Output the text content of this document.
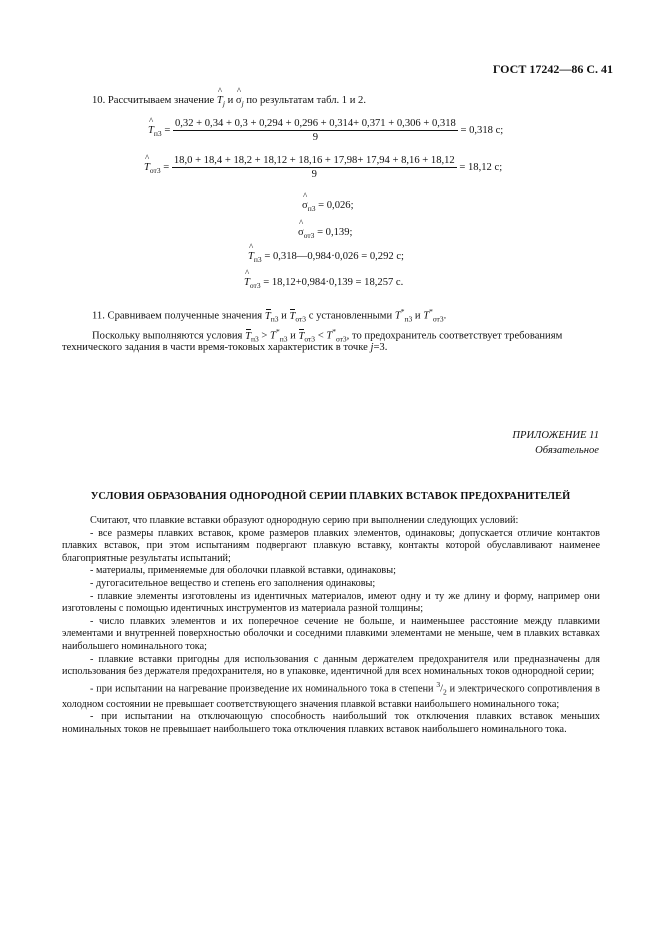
ГОСТ 17242—86 С. 41
10. Рассчитываем значение ^ $T_j$ и ^ $\sigma_j$ по результатам табл. 1 и 2.
^ $T_{п3}$ =
0,32 + 0,34 + 0,3 + 0,294 + 0,296 + 0,314+ 0,371 + 0,306 + 0,318
9
= 0,318 с;
^ $T_{от3}$ =
18,0 + 18,4 + 18,2 + 18,12 + 18,16 + 17,98+ 17,94 + 8,16 + 18,12
9
= 18,12 с;
^ $\sigma_{п3} = 0,026$;
^ $\sigma_{от3} = 0,139$;
^ $T_{п3}$ = 0,318—0,984·0,026 = 0,292 с;
^ $T_{от3} = 18,12+0,984\cdot 0,139 = 18,257$ с.
11. Сравниваем полученные значения $T_{п3}$ и $T_{от3}$ с установленными $T^*_{п3}$ и $T^*_{от3}$.
Поскольку выполняются условия $T_{п3} > T^*_{п3}$ и $T_{от3} < T^*_{от3}$, то предохранитель соответствует требованиям
технического задания в части время-токовых характеристик в точке j=3.
ПРИЛОЖЕНИЕ 11
Обязательное
УСЛОВИЯ ОБРАЗОВАНИЯ ОДНОРОДНОЙ СЕРИИ ПЛАВКИХ ВСТАВОК ПРЕДОХРАНИТЕЛЕЙ
Считают, что плавкие вставки образуют однородную серию при выполнении следующих условий:
- все размеры плавких вставок, кроме размеров плавких элементов, одинаковы; допускается отличие контактов плавких вставок, при этом испытаниям подвергают плавкую вставку, контакты которой обуславливают наименее благоприятные результаты испытаний;
- материалы, применяемые для оболочки плавкой вставки, одинаковы;
- дугогасительное вещество и степень его заполнения одинаковы;
- плавкие элементы изготовлены из идентичных материалов, имеют одну и ту же длину и форму, например они изготовлены с помощью идентичных инструментов из материала разной толщины;
- число плавких элементов и их поперечное сечение не больше, и наименьшее расстояние между плавкими элементами и внутренней поверхностью оболочки и соседними плавкими элементами не меньше, чем в плавких вставках наибольшего номинального тока;
- плавкие вставки пригодны для использования с данным держателем предохранителя или предназначены для использования без держателя предохранителя, но в упаковке, идентичной для всех номинальных токов однородной серии;
- при испытании на нагревание произведение их номинального тока в степени $^3/_2$ и электрического сопротивления в холодном состоянии не превышает соответствующего значения плавкой вставки наибольшего номинального тока;
- при испытании на отключающую способность наибольший ток отключения плавких вставок меньших номинальных токов не превышает наибольшего тока отключения плавких вставок наибольшего номинального тока.
